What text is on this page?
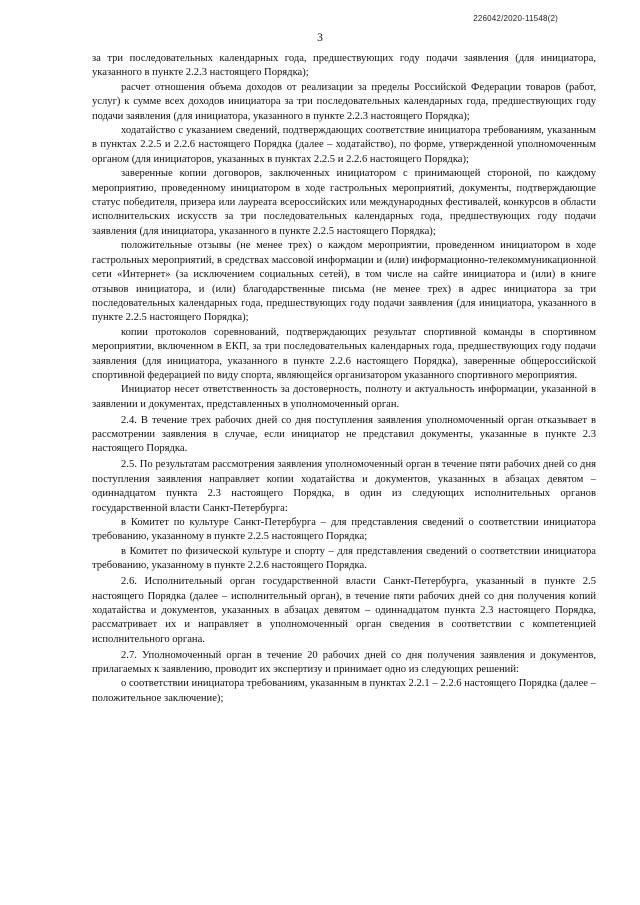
226042/2020-11548(2)
3

за три последовательных календарных года, предшествующих году подачи заявления (для инициатора, указанного в пункте 2.2.3 настоящего Порядка);

расчет отношения объема доходов от реализации за пределы Российской Федерации товаров (работ, услуг) к сумме всех доходов инициатора за три последовательных календарных года, предшествующих году подачи заявления (для инициатора, указанного в пункте 2.2.3 настоящего Порядка);

ходатайство с указанием сведений, подтверждающих соответствие инициатора требованиям, указанным в пунктах 2.2.5 и 2.2.6 настоящего Порядка (далее – ходатайство), по форме, утвержденной уполномоченным органом (для инициаторов, указанных в пунктах 2.2.5 и 2.2.6 настоящего Порядка);

заверенные копии договоров, заключенных инициатором с принимающей стороной, по каждому мероприятию, проведенному инициатором в ходе гастрольных мероприятий, документы, подтверждающие статус победителя, призера или лауреата всероссийских или международных фестивалей, конкурсов в области исполнительских искусств за три последовательных календарных года, предшествующих году подачи заявления (для инициатора, указанного в пункте 2.2.5 настоящего Порядка);

положительные отзывы (не менее трех) о каждом мероприятии, проведенном инициатором в ходе гастрольных мероприятий, в средствах массовой информации и (или) информационно-телекоммуникационной сети «Интернет» (за исключением социальных сетей), в том числе на сайте инициатора и (или) в книге отзывов инициатора, и (или) благодарственные письма (не менее трех) в адрес инициатора за три последовательных календарных года, предшествующих году подачи заявления (для инициатора, указанного в пункте 2.2.5 настоящего Порядка);

копии протоколов соревнований, подтверждающих результат спортивной команды в спортивном мероприятии, включенном в ЕКП, за три последовательных календарных года, предшествующих году подачи заявления (для инициатора, указанного в пункте 2.2.6 настоящего Порядка), заверенные общероссийской спортивной федерацией по виду спорта, являющейся организатором указанного спортивного мероприятия.

Инициатор несет ответственность за достоверность, полноту и актуальность информации, указанной в заявлении и документах, представленных в уполномоченный орган.

2.4. В течение трех рабочих дней со дня поступления заявления уполномоченный орган отказывает в рассмотрении заявления в случае, если инициатор не представил документы, указанные в пункте 2.3 настоящего Порядка.

2.5. По результатам рассмотрения заявления уполномоченный орган в течение пяти рабочих дней со дня поступления заявления направляет копии ходатайства и документов, указанных в абзацах девятом – одиннадцатом пункта 2.3 настоящего Порядка, в один из следующих исполнительных органов государственной власти Санкт-Петербурга:

в Комитет по культуре Санкт-Петербурга – для представления сведений о соответствии инициатора требованию, указанному в пункте 2.2.5 настоящего Порядка;

в Комитет по физической культуре и спорту – для представления сведений о соответствии инициатора требованию, указанному в пункте 2.2.6 настоящего Порядка.

2.6. Исполнительный орган государственной власти Санкт-Петербурга, указанный в пункте 2.5 настоящего Порядка (далее – исполнительный орган), в течение пяти рабочих дней со дня получения копий ходатайства и документов, указанных в абзацах девятом – одиннадцатом пункта 2.3 настоящего Порядка, рассматривает их и направляет в уполномоченный орган сведения в соответствии с компетенцией исполнительного органа.

2.7. Уполномоченный орган в течение 20 рабочих дней со дня получения заявления и документов, прилагаемых к заявлению, проводит их экспертизу и принимает одно из следующих решений:

о соответствии инициатора требованиям, указанным в пунктах 2.2.1 – 2.2.6 настоящего Порядка (далее – положительное заключение);
